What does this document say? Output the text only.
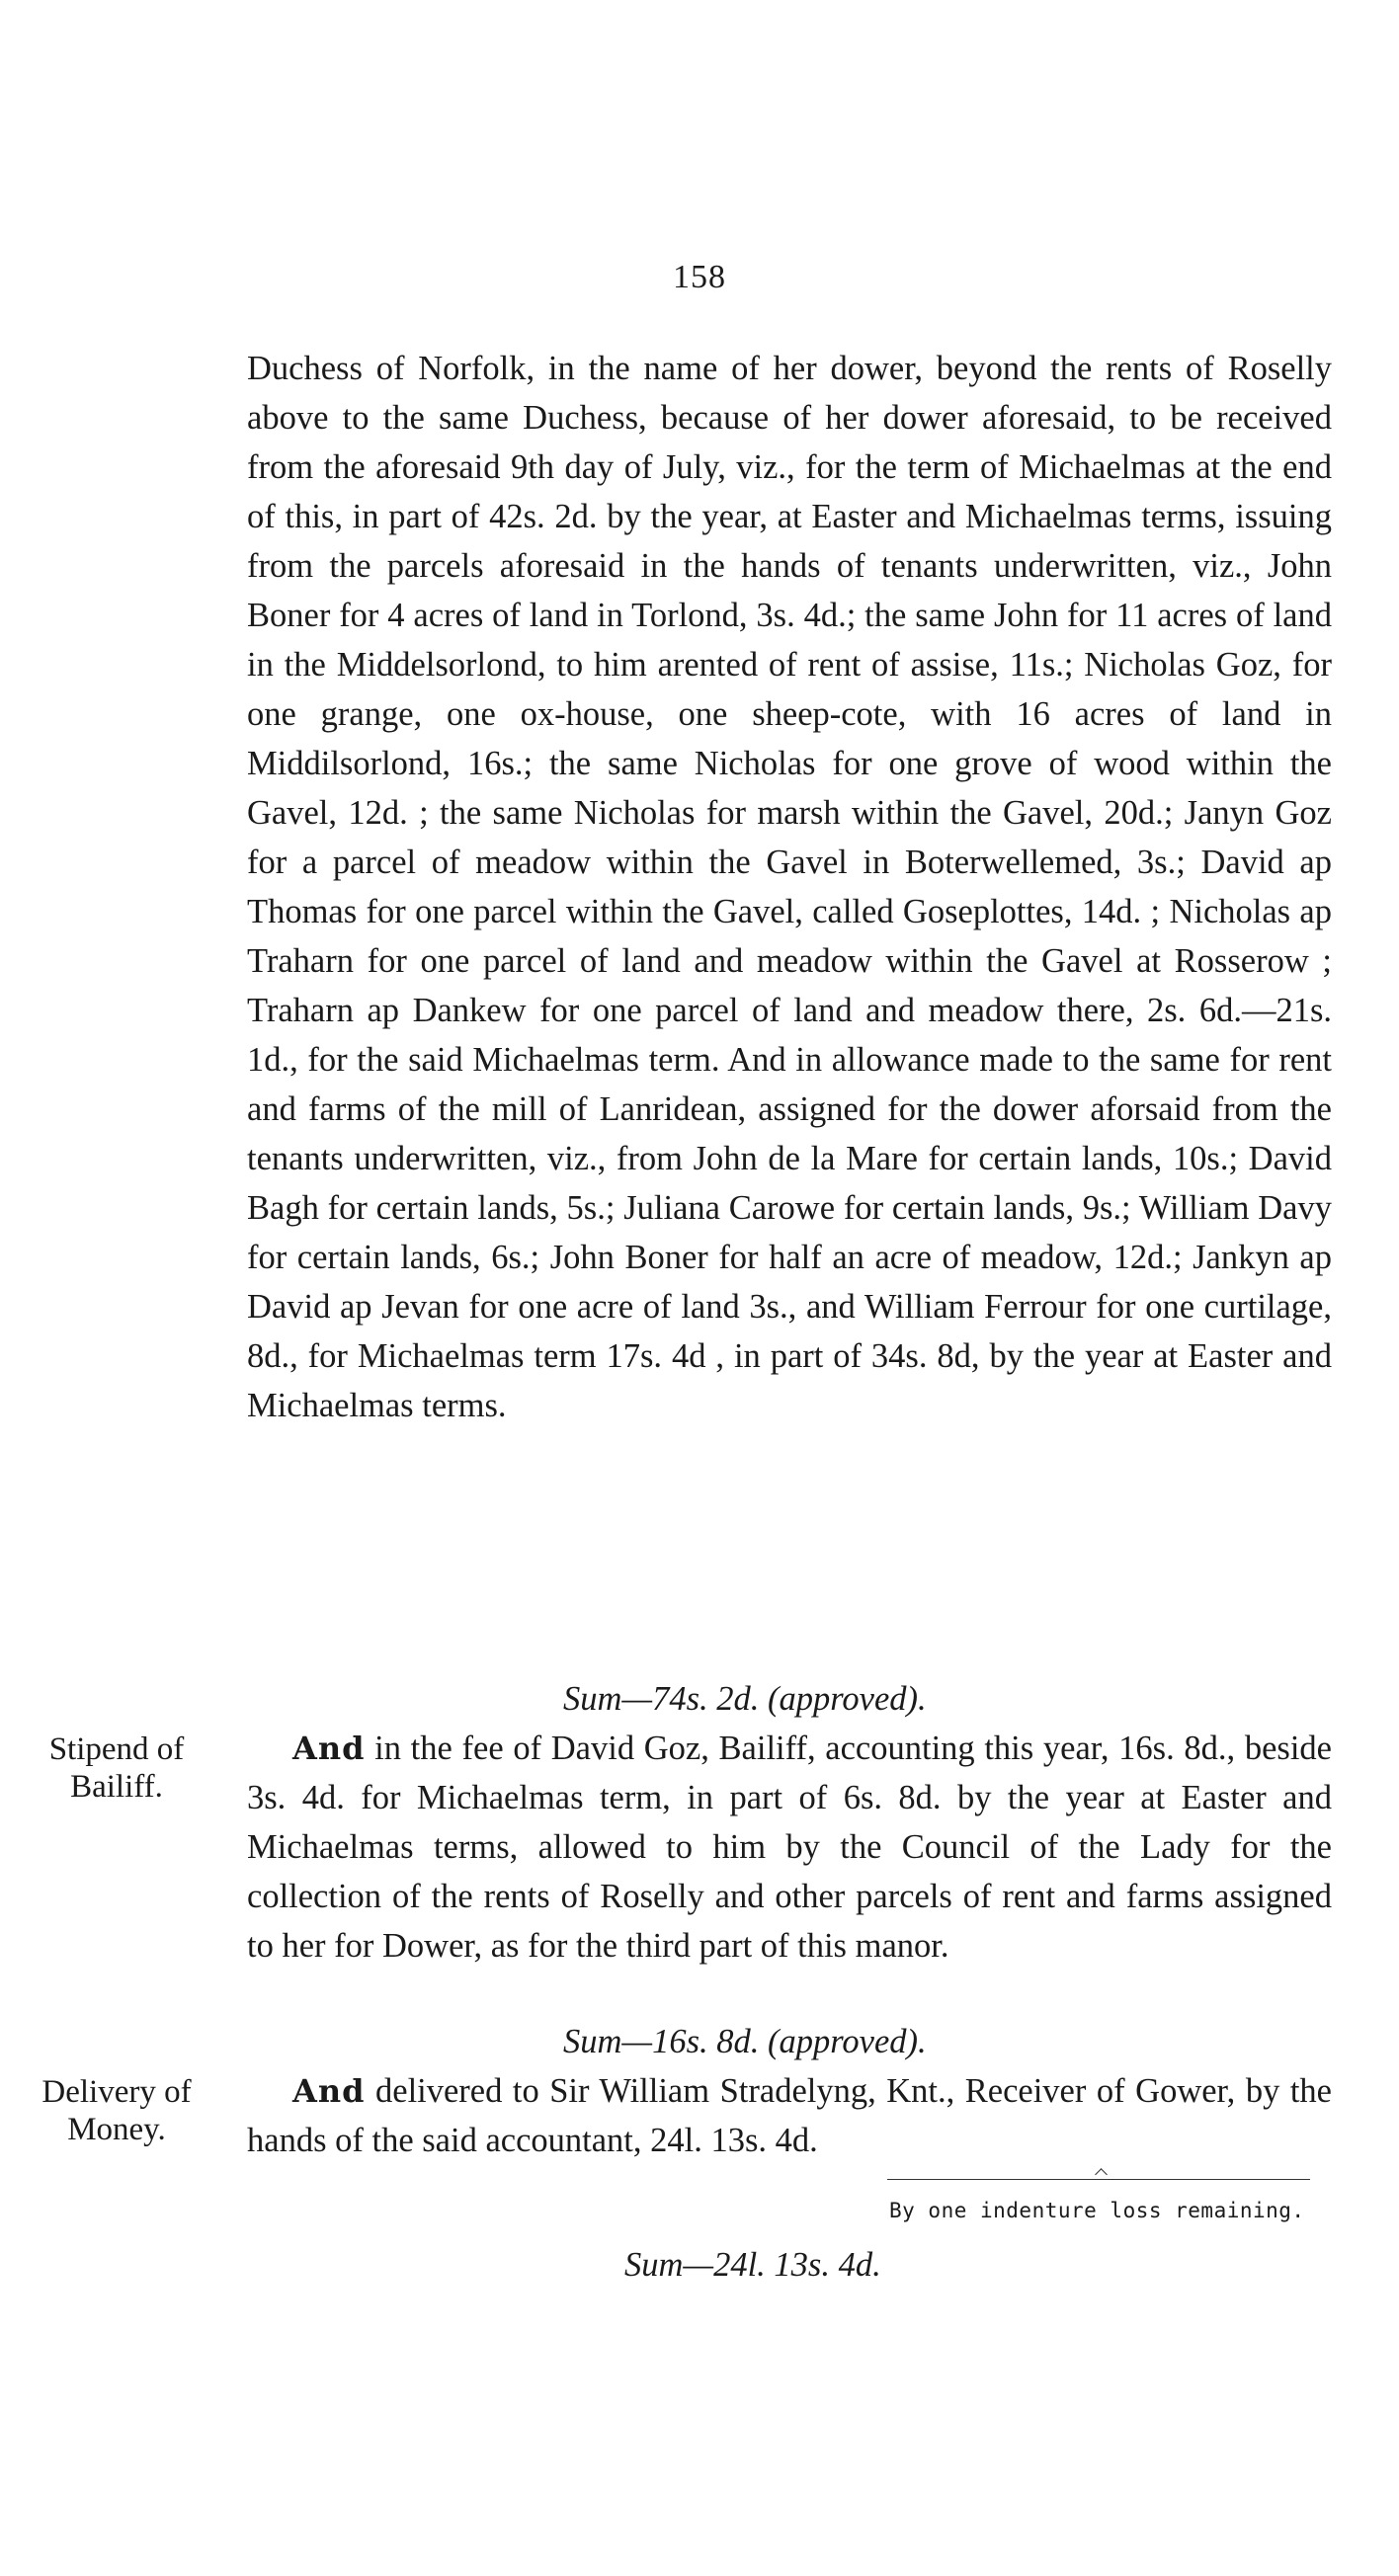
158
Duchess of Norfolk, in the name of her dower, beyond the rents of Roselly above to the same Duchess, because of her dower aforesaid, to be received from the aforesaid 9th day of July, viz., for the term of Michaelmas at the end of this, in part of 42s. 2d. by the year, at Easter and Michaelmas terms, issuing from the parcels aforesaid in the hands of tenants underwritten, viz., John Boner for 4 acres of land in Torlond, 3s. 4d.; the same John for 11 acres of land in the Middelsorlond, to him arented of rent of assise, 11s.; Nicholas Goz, for one grange, one ox-house, one sheep-cote, with 16 acres of land in Middilsorlond, 16s.; the same Nicholas for one grove of wood within the Gavel, 12d. ; the same Nicholas for marsh within the Gavel, 20d.; Janyn Goz for a parcel of meadow within the Gavel in Boterwellemed, 3s.; David ap Thomas for one parcel within the Gavel, called Goseplottes, 14d. ; Nicholas ap Traharn for one parcel of land and meadow within the Gavel at Rosserow ; Traharn ap Dankew for one parcel of land and meadow there, 2s. 6d.—21s. 1d., for the said Michaelmas term. And in allowance made to the same for rent and farms of the mill of Lanridean, assigned for the dower aforsaid from the tenants underwritten, viz., from John de la Mare for certain lands, 10s.; David Bagh for certain lands, 5s.; Juliana Carowe for certain lands, 9s.; William Davy for certain lands, 6s.; John Boner for half an acre of meadow, 12d.; Jankyn ap David ap Jevan for one acre of land 3s., and William Ferrour for one curtilage, 8d., for Michaelmas term 17s. 4d , in part of 34s. 8d, by the year at Easter and Michaelmas terms.
Sum—74s. 2d. (approved).
Stipend of Bailiff.
And in the fee of David Goz, Bailiff, accounting this year, 16s. 8d., beside 3s. 4d. for Michaelmas term, in part of 6s. 8d. by the year at Easter and Michaelmas terms, allowed to him by the Council of the Lady for the collection of the rents of Roselly and other parcels of rent and farms assigned to her for Dower, as for the third part of this manor.
Sum—16s. 8d. (approved).
Delivery of Money.
And delivered to Sir William Stradelyng, Knt., Receiver of Gower, by the hands of the said accountant, 24l. 13s. 4d.
By one indenture loss remaining.
Sum—24l. 13s. 4d.
